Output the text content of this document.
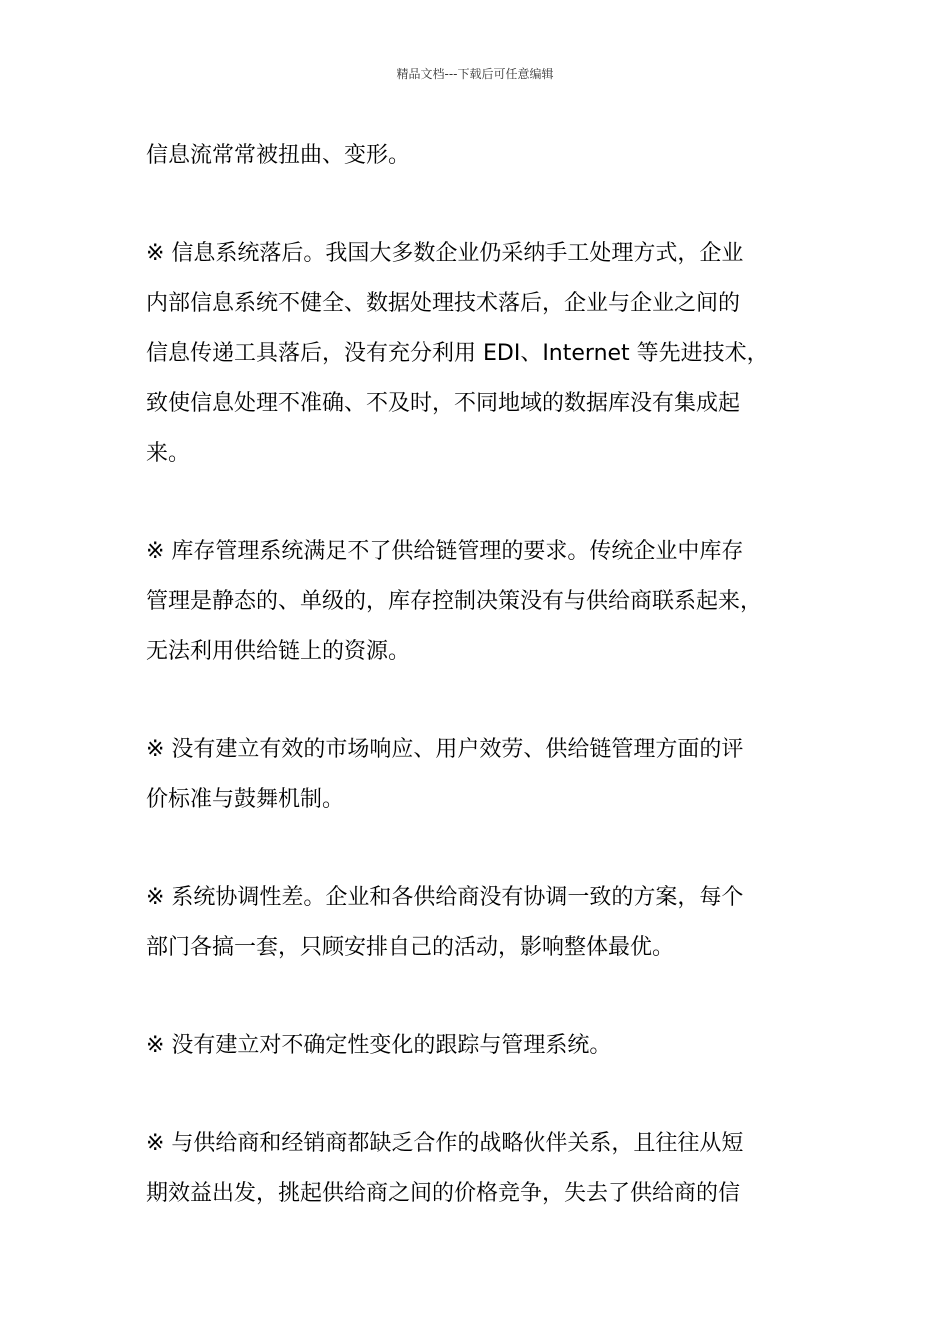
精品文档---下载后可任意编辑

信息流常常被扭曲、变形。

※ 信息系统落后。我国大多数企业仍采纳手工处理方式，企业
内部信息系统不健全、数据处理技术落后，企业与企业之间的
信息传递工具落后，没有充分利用 EDI、Internet 等先进技术，
致使信息处理不准确、不及时，不同地域的数据库没有集成起
来。

※ 库存管理系统满足不了供给链管理的要求。传统企业中库存
管理是静态的、单级的，库存控制决策没有与供给商联系起来，
无法利用供给链上的资源。

※ 没有建立有效的市场响应、用户效劳、供给链管理方面的评
价标准与鼓舞机制。

※ 系统协调性差。企业和各供给商没有协调一致的方案，每个
部门各搞一套，只顾安排自己的活动，影响整体最优。

※ 没有建立对不确定性变化的跟踪与管理系统。

※ 与供给商和经销商都缺乏合作的战略伙伴关系，且往往从短
期效益出发，挑起供给商之间的价格竞争，失去了供给商的信
